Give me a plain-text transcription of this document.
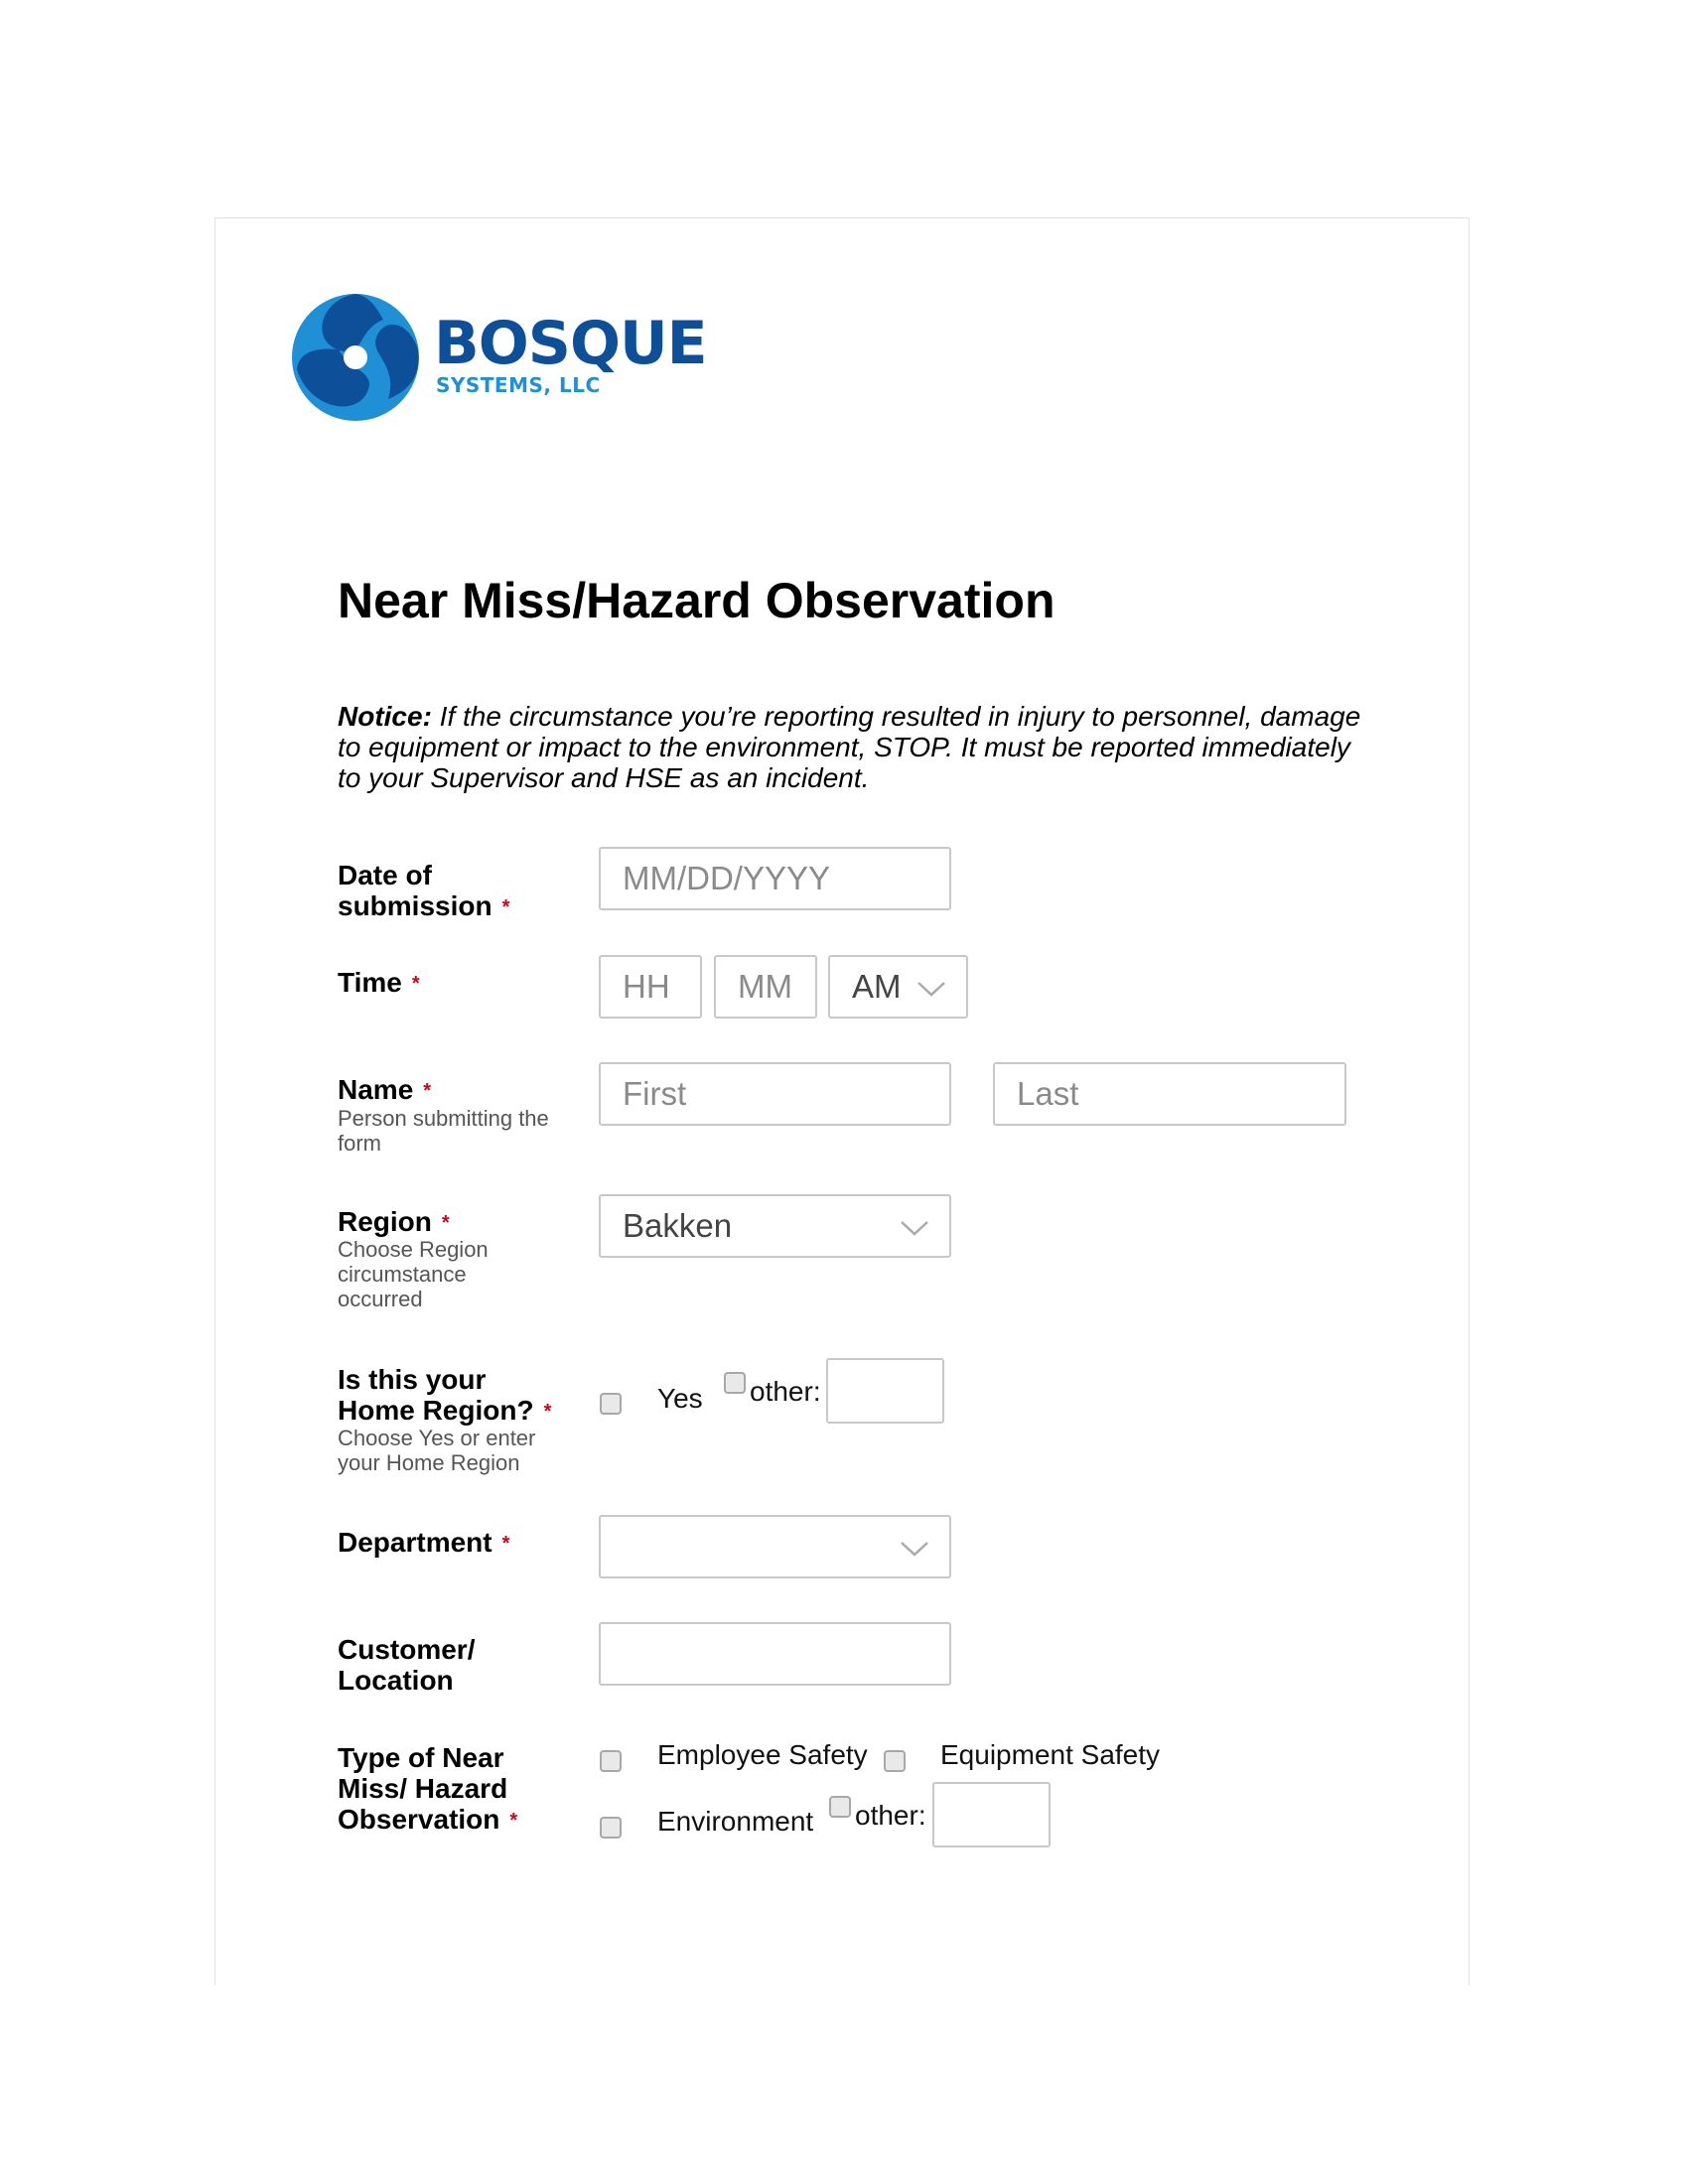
BOSQUE
SYSTEMS, LLC
Near Miss/Hazard Observation
Notice: If the circumstance you’re reporting resulted in injury to personnel, damage to equipment or impact to the environment, STOP. It must be reported immediately to your Supervisor and HSE as an incident.
Date of
submission *
MM/DD/YYYY
Time *
HH
MM	AM
Name *
Person submitting the form
First
Last
Region *
Choose Region circumstance occurred
Bakken
Is this your
Home Region? *
Choose Yes or enter your Home Region
Yes other:
Department *
Customer/
Location
Type of Near
Miss/ Hazard
Observation *
Employee Safety	Equipment Safety
Environment other:
